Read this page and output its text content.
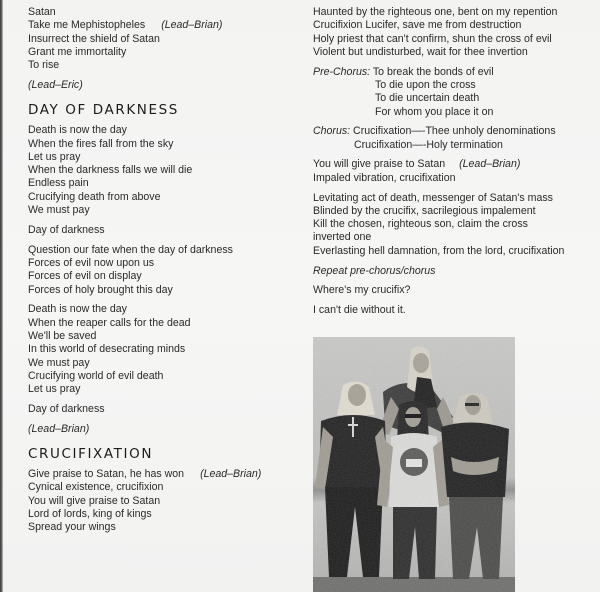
Satan
Take me Mephistopheles (Lead–Brian)
Insurrect the shield of Satan
Grant me immortality
To rise
(Lead–Eric)
DAY OF DARKNESS
Death is now the day
When the fires fall from the sky
Let us pray
When the darkness falls we will die
Endless pain
Crucifying death from above
We must pay
Day of darkness
Question our fate when the day of darkness
Forces of evil now upon us
Forces of evil on display
Forces of holy brought this day
Death is now the day
When the reaper calls for the dead
We'll be saved
In this world of desecrating minds
We must pay
Crucifying world of evil death
Let us pray
Day of darkness
(Lead–Brian)
CRUCIFIXATION
Give praise to Satan, he has won (Lead–Brian)
Cynical existence, crucifixion
You will give praise to Satan
Lord of lords, king of kings
Spread your wings
Haunted by the righteous one, bent on my repention
Crucifixion Lucifer, save me from destruction
Holy priest that can't confirm, shun the cross of evil
Violent but undisturbed, wait for thee invertion
Pre-Chorus: To break the bonds of evil
To die upon the cross
To die uncertain death
For whom you place it on
Chorus: Crucifixation—-Thee unholy denominations
Crucifixation—-Holy termination
You will give praise to Satan (Lead–Brian)
Impaled vibration, crucifixation
Levitating act of death, messenger of Satan's mass
Blinded by the crucifix, sacrilegious impalement
Kill the chosen, righteous son, claim the cross
inverted one
Everlasting hell damnation, from the lord, crucifixation
Repeat pre-chorus/chorus
Where's my crucifix?
I can't die without it.
